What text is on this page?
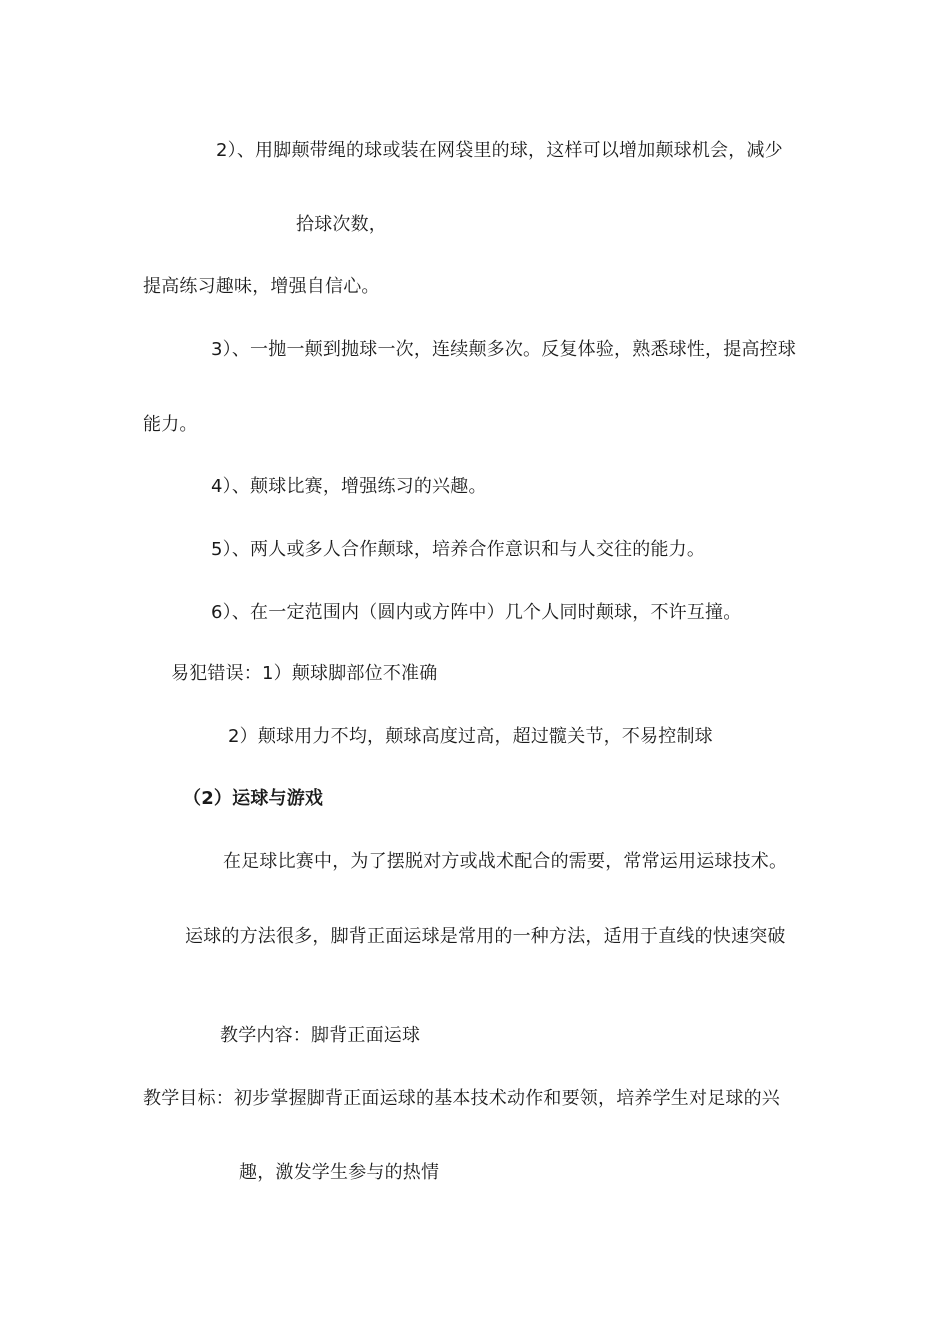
2）、用脚颠带绳的球或装在网袋里的球，这样可以增加颠球机会，减少
拾球次数，
提高练习趣味，增强自信心。
3）、一抛一颠到抛球一次，连续颠多次。反复体验，熟悉球性，提高控球
能力。
4）、颠球比赛，增强练习的兴趣。
5）、两人或多人合作颠球，培养合作意识和与人交往的能力。
6）、在一定范围内（圆内或方阵中）几个人同时颠球，不许互撞。
易犯错误：1）颠球脚部位不准确
2）颠球用力不均，颠球高度过高，超过髋关节，不易控制球
（2）运球与游戏
在足球比赛中，为了摆脱对方或战术配合的需要，常常运用运球技术。
运球的方法很多，脚背正面运球是常用的一种方法，适用于直线的快速突破
教学内容：脚背正面运球
教学目标：初步掌握脚背正面运球的基本技术动作和要领，培养学生对足球的兴
趣，激发学生参与的热情
